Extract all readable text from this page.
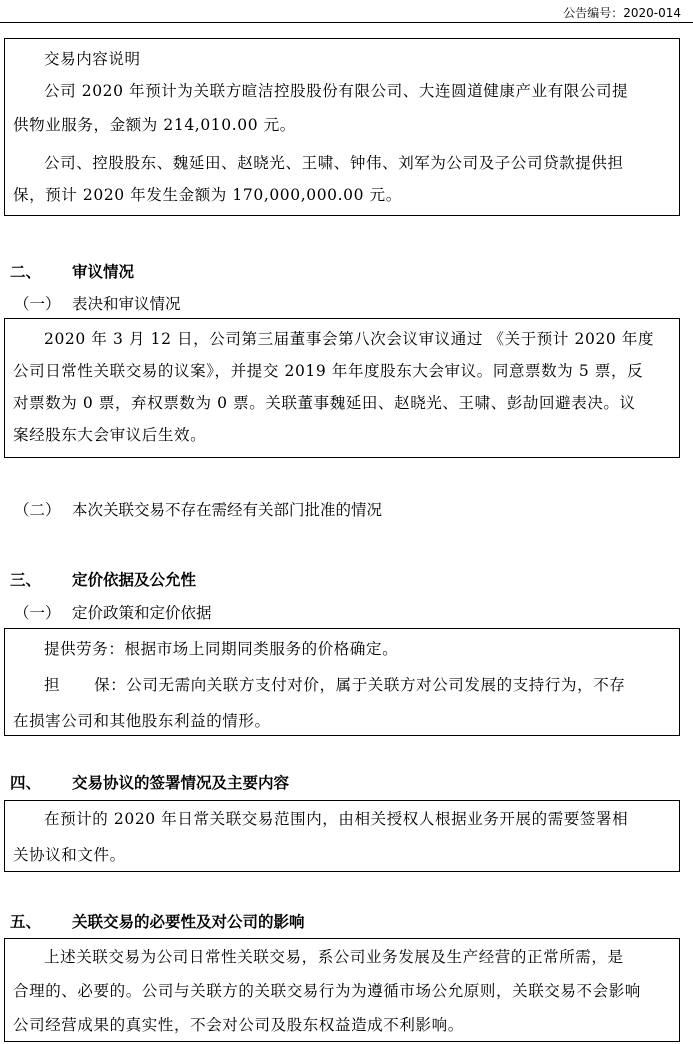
公告编号：2020-014
交易内容说明
公司 2020 年预计为关联方暄洁控股股份有限公司、大连圆道健康产业有限公司提
供物业服务，金额为 214,010.00 元。
公司、控股股东、魏延田、赵晓光、王啸、钟伟、刘军为公司及子公司贷款提供担
保，预计 2020 年发生金额为 170,000,000.00 元。
二、 审议情况
（一） 表决和审议情况
2020 年 3 月 12 日，公司第三届董事会第八次会议审议通过 《关于预计 2020 年度
公司日常性关联交易的议案》，并提交 2019 年年度股东大会审议。同意票数为 5 票，反
对票数为 0 票，弃权票数为 0 票。关联董事魏延田、赵晓光、王啸、彭劼回避表决。议
案经股东大会审议后生效。
（二） 本次关联交易不存在需经有关部门批准的情况
三、 定价依据及公允性
（一） 定价政策和定价依据
提供劳务：根据市场上同期同类服务的价格确定。
担 保：公司无需向关联方支付对价，属于关联方对公司发展的支持行为，不存
在损害公司和其他股东利益的情形。
四、 交易协议的签署情况及主要内容
在预计的 2020 年日常关联交易范围内，由相关授权人根据业务开展的需要签署相
关协议和文件。
五、 关联交易的必要性及对公司的影响
上述关联交易为公司日常性关联交易，系公司业务发展及生产经营的正常所需，是
合理的、必要的。公司与关联方的关联交易行为为遵循市场公允原则，关联交易不会影响
公司经营成果的真实性，不会对公司及股东权益造成不利影响。
